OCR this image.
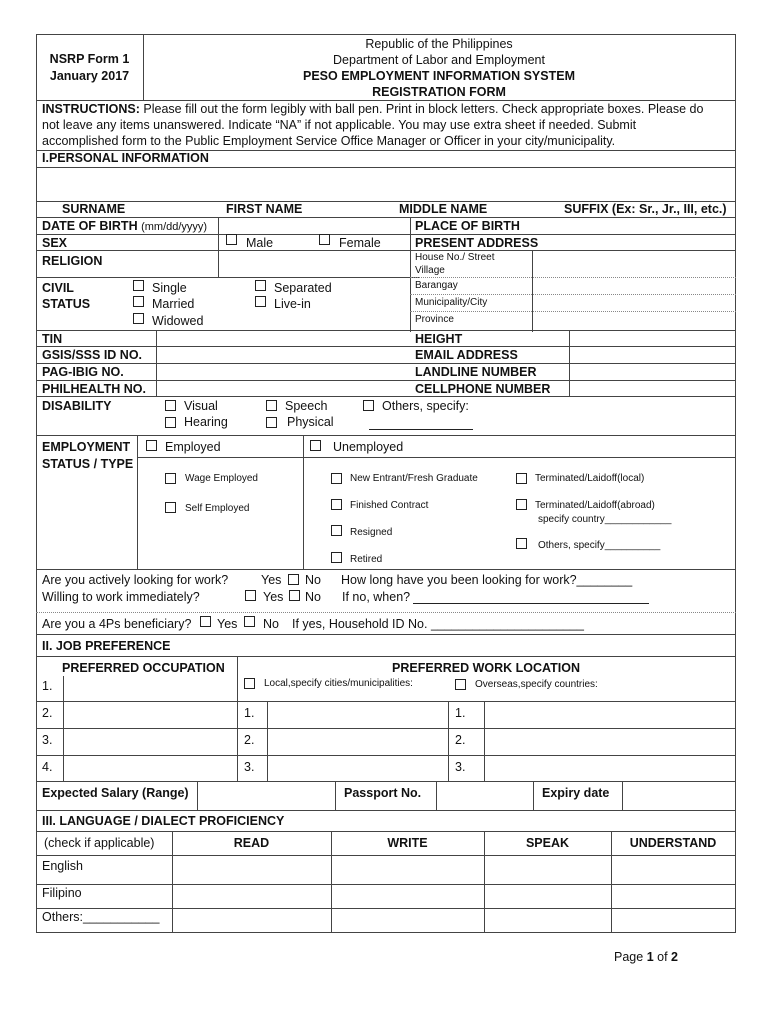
NSRP Form 1
January 2017
Republic of the Philippines
Department of Labor and Employment
PESO EMPLOYMENT INFORMATION SYSTEM
REGISTRATION FORM
INSTRUCTIONS: Please fill out the form legibly with ball pen. Print in block letters. Check appropriate boxes. Please do
not leave any items unanswered. Indicate “NA” if not applicable. You may use extra sheet if needed. Submit
accomplished form to the Public Employment Service Office Manager or Officer in your city/municipality.
I.PERSONAL INFORMATION
SURNAME	FIRST NAME	MIDDLE NAME	SUFFIX (Ex: Sr., Jr., III, etc.)
DATE OF BIRTH (mm/dd/yyyy)	PLACE OF BIRTH
SEX	Male	Female	PRESENT ADDRESS
RELIGION	House No./ Street
Village
CIVIL
STATUS
Single
Married
Widowed
Separated
Live-in
Barangay
Municipality/City
Province
TIN	HEIGHT
GSIS/SSS ID NO.	EMAIL ADDRESS
PAG-IBIG NO.	LANDLINE NUMBER
PHILHEALTH NO.	CELLPHONE NUMBER
DISABILITY	Visual	Speech	Others, specify:
Hearing	Physical
EMPLOYMENT
STATUS / TYPE
Employed	Unemployed
Wage Employed
Self Employed
New Entrant/Fresh Graduate
Finished Contract
Resigned
Retired
Terminated/Laidoff(local)
Terminated/Laidoff(abroad)
specify country____________
Others, specify__________
Are you actively looking for work?	Yes No How long have you been looking for work?________
Willing to work immediately?	Yes No If no, when?
Are you a 4Ps beneficiary? Yes No If yes, Household ID No. ______________________
II. JOB PREFERENCE
PREFERRED OCCUPATION	PREFERRED WORK LOCATION
1.	Local,specify cities/municipalities:	Overseas,specify countries:
2.	1.	1.
3.	2.	2.
4.	3.	3.
Expected Salary (Range)	Passport No.	Expiry date
III. LANGUAGE / DIALECT PROFICIENCY
(check if applicable)	READ	WRITE	SPEAK	UNDERSTAND
English
Filipino
Others:___________
Page 1 of 2
